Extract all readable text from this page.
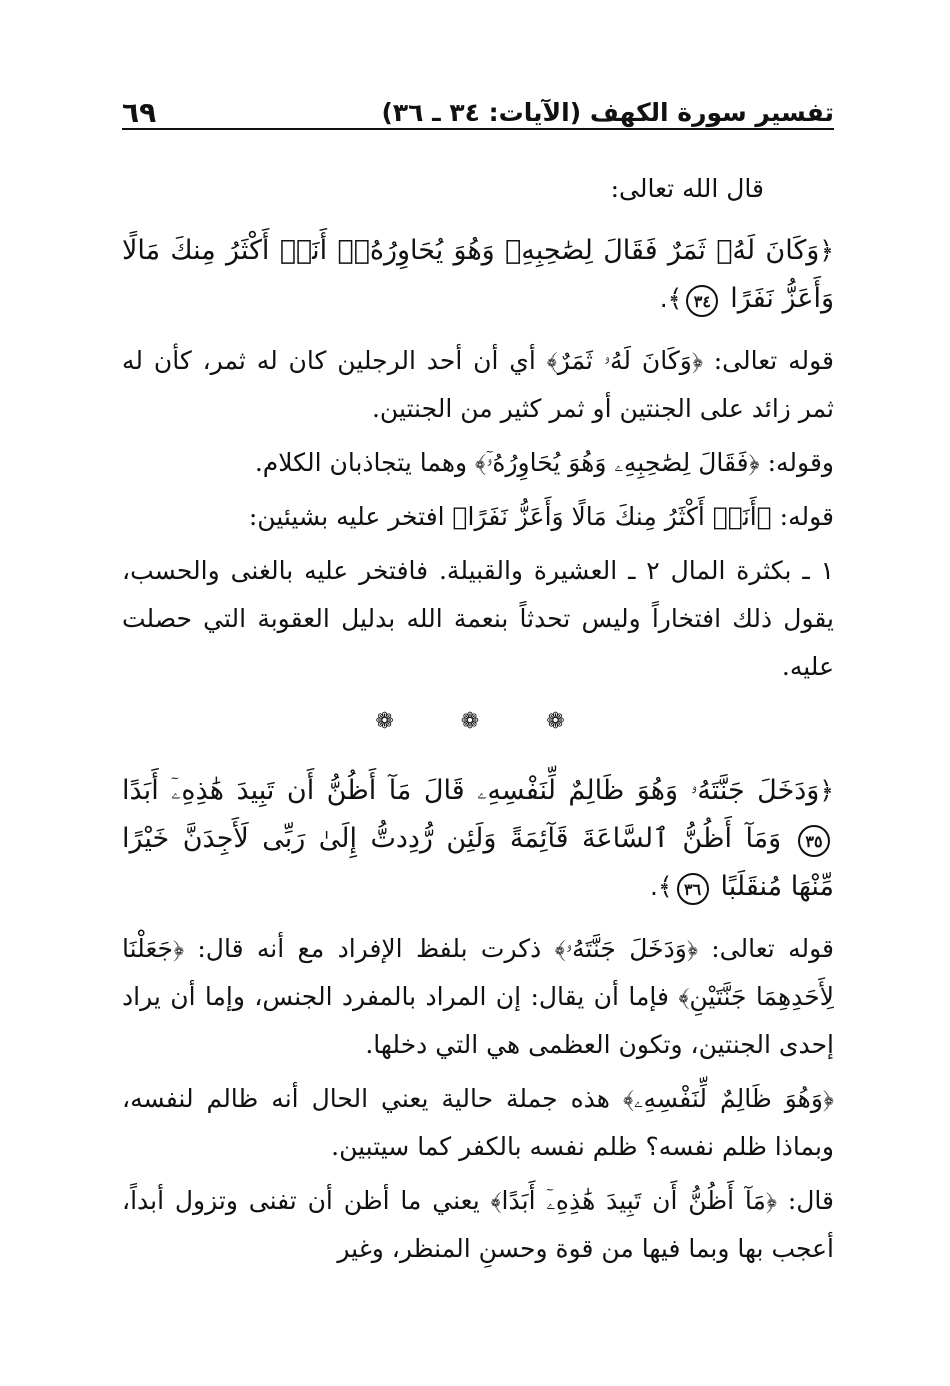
تفسير سورة الكهف (الآيات: ٣٤ ـ ٣٦)
٦٩

قال الله تعالى:

﴿وَكَانَ لَهُۥ ثَمَرٌ فَقَالَ لِصَٰحِبِهِۦ وَهُوَ يُحَاوِرُهُۥٓ أَنَا۠ أَكْثَرُ مِنكَ مَالًا وَأَعَزُّ نَفَرًا ٣٤﴾.

قوله تعالى: ﴿وَكَانَ لَهُۥ ثَمَرٌ﴾ أي أن أحد الرجلين كان له ثمر، كأن له ثمر زائد على الجنتين أو ثمر كثير من الجنتين.

وقوله: ﴿فَقَالَ لِصَٰحِبِهِۦ وَهُوَ يُحَاوِرُهُۥٓ﴾ وهما يتجاذبان الكلام.

قوله: ﴿أَنَا۠ أَكْثَرُ مِنكَ مَالًا وَأَعَزُّ نَفَرًا﴾ افتخر عليه بشيئين:

١ ـ بكثرة المال ٢ ـ العشيرة والقبيلة. فافتخر عليه بالغنى والحسب، يقول ذلك افتخاراً وليس تحدثاً بنعمة الله بدليل العقوبة التي حصلت عليه.

❁ ❁ ❁

﴿وَدَخَلَ جَنَّتَهُۥ وَهُوَ ظَالِمٌ لِّنَفْسِهِۦ قَالَ مَآ أَظُنُّ أَن تَبِيدَ هَٰذِهِۦٓ أَبَدًا ٣٥ وَمَآ أَظُنُّ ٱلسَّاعَةَ قَآئِمَةً وَلَئِن رُّدِدتُّ إِلَىٰ رَبِّى لَأَجِدَنَّ خَيْرًا مِّنْهَا مُنقَلَبًا ٣٦﴾.

قوله تعالى: ﴿وَدَخَلَ جَنَّتَهُۥ﴾ ذكرت بلفظ الإفراد مع أنه قال: ﴿جَعَلْنَا لِأَحَدِهِمَا جَنَّتَيْنِ﴾ فإما أن يقال: إن المراد بالمفرد الجنس، وإما أن يراد إحدى الجنتين، وتكون العظمى هي التي دخلها.

﴿وَهُوَ ظَالِمٌ لِّنَفْسِهِۦ﴾ هذه جملة حالية يعني الحال أنه ظالم لنفسه، وبماذا ظلم نفسه؟ ظلم نفسه بالكفر كما سيتبين.

قال: ﴿مَآ أَظُنُّ أَن تَبِيدَ هَٰذِهِۦٓ أَبَدًا﴾ يعني ما أظن أن تفنى وتزول أبداً، أعجب بها وبما فيها من قوة وحسنِ المنظر، وغير
